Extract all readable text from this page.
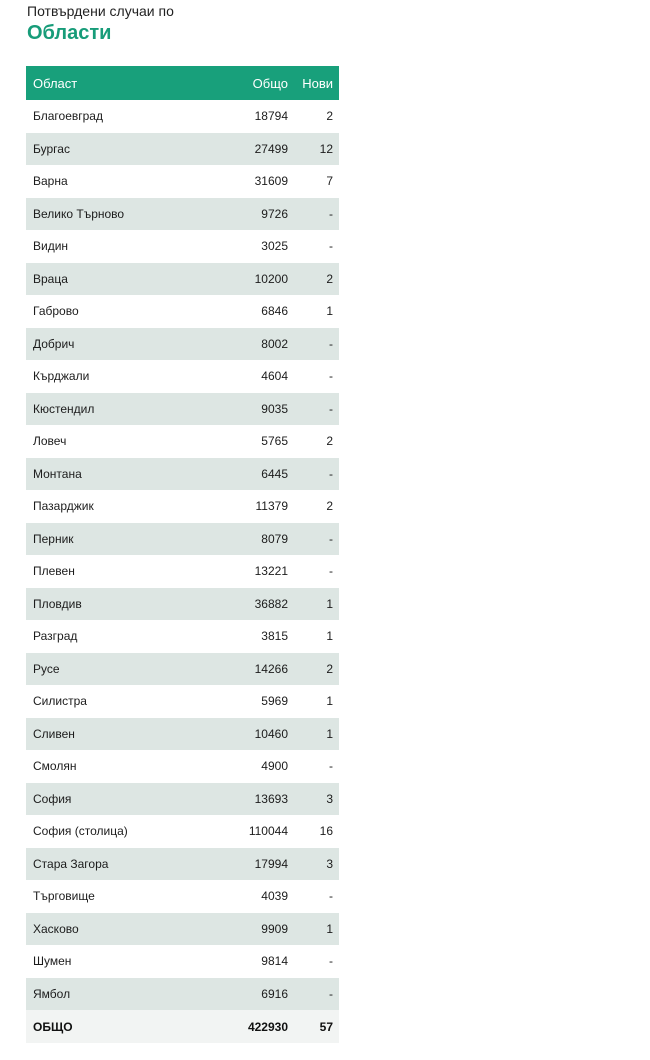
Потвърдени случаи по
Области
Област	Общо	Нови
Благоевград	18794	2
Бургас	27499	12
Варна	31609	7
Велико Търново	9726	-
Видин	3025	-
Враца	10200	2
Габрово	6846	1
Добрич	8002	-
Кърджали	4604	-
Кюстендил	9035	-
Ловеч	5765	2
Монтана	6445	-
Пазарджик	11379	2
Перник	8079	-
Плевен	13221	-
Пловдив	36882	1
Разград	3815	1
Русе	14266	2
Силистра	5969	1
Сливен	10460	1
Смолян	4900	-
София	13693	3
София (столица)	110044	16
Стара Загора	17994	3
Търговище	4039	-
Хасково	9909	1
Шумен	9814	-
Ямбол	6916	-
ОБЩО	422930	57
